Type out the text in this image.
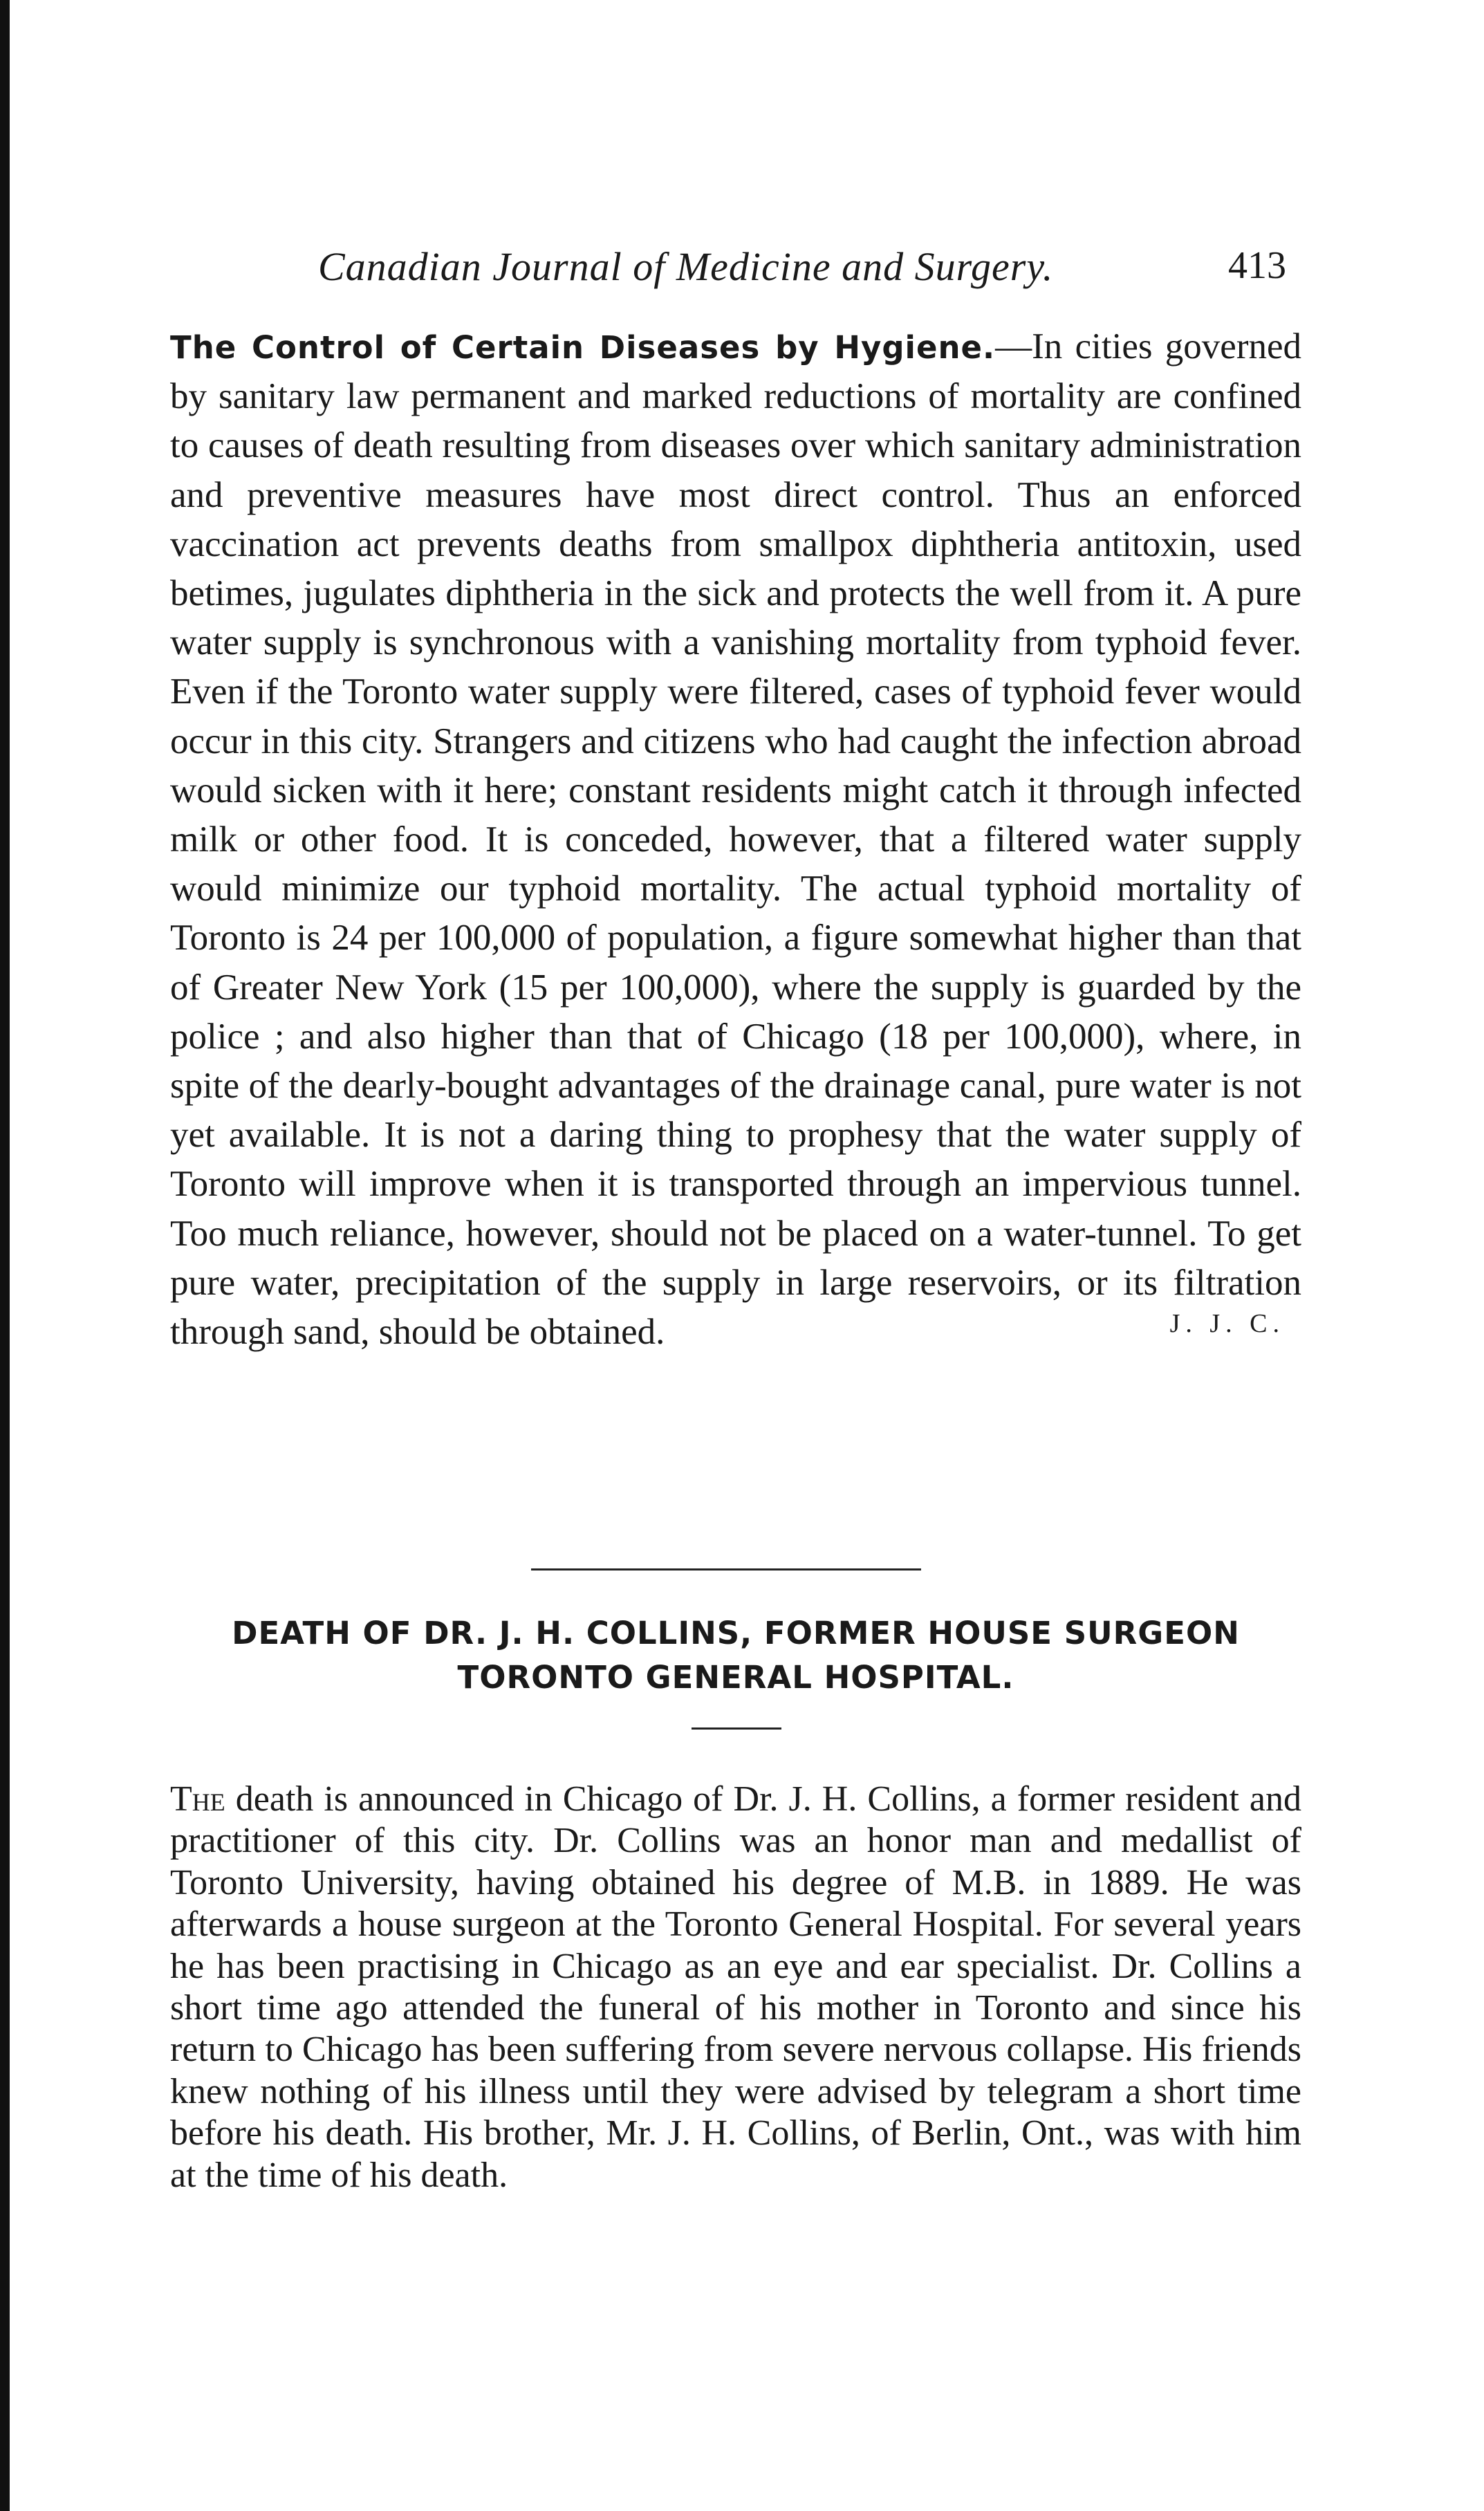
Canadian Journal of Medicine and Surgery.	413

The Control of Certain Diseases by Hygiene.—In cities governed by sanitary law permanent and marked reductions of mortality are confined to causes of death resulting from diseases over which sanitary administration and preventive measures have most direct control. Thus an enforced vaccination act prevents deaths from smallpox diphtheria antitoxin, used betimes, jugulates diphtheria in the sick and protects the well from it. A pure water supply is synchronous with a vanishing mortality from typhoid fever. Even if the Toronto water supply were filtered, cases of typhoid fever would occur in this city. Strangers and citizens who had caught the infection abroad would sicken with it here; constant residents might catch it through infected milk or other food. It is conceded, however, that a filtered water supply would minimize our typhoid mortality. The actual typhoid mortality of Toronto is 24 per 100,000 of population, a figure somewhat higher than that of Greater New York (15 per 100,000), where the supply is guarded by the police ; and also higher than that of Chicago (18 per 100,000), where, in spite of the dearly-bought advantages of the drainage canal, pure water is not yet available. It is not a daring thing to prophesy that the water supply of Toronto will improve when it is transported through an impervious tunnel. Too much reliance, however, should not be placed on a water-tunnel. To get pure water, precipitation of the supply in large reservoirs, or its filtration through sand, should be obtained.	J. J. C.
DEATH OF DR. J. H. COLLINS, FORMER HOUSE SURGEON
TORONTO GENERAL HOSPITAL.

The death is announced in Chicago of Dr. J. H. Collins, a former resident and practitioner of this city. Dr. Collins was an honor man and medallist of Toronto University, having obtained his degree of M.B. in 1889. He was afterwards a house surgeon at the Toronto General Hospital. For several years he has been practising in Chicago as an eye and ear specialist. Dr. Collins a short time ago attended the funeral of his mother in Toronto and since his return to Chicago has been suffering from severe nervous collapse. His friends knew nothing of his illness until they were advised by telegram a short time before his death. His brother, Mr. J. H. Collins, of Berlin, Ont., was with him at the time of his death.
